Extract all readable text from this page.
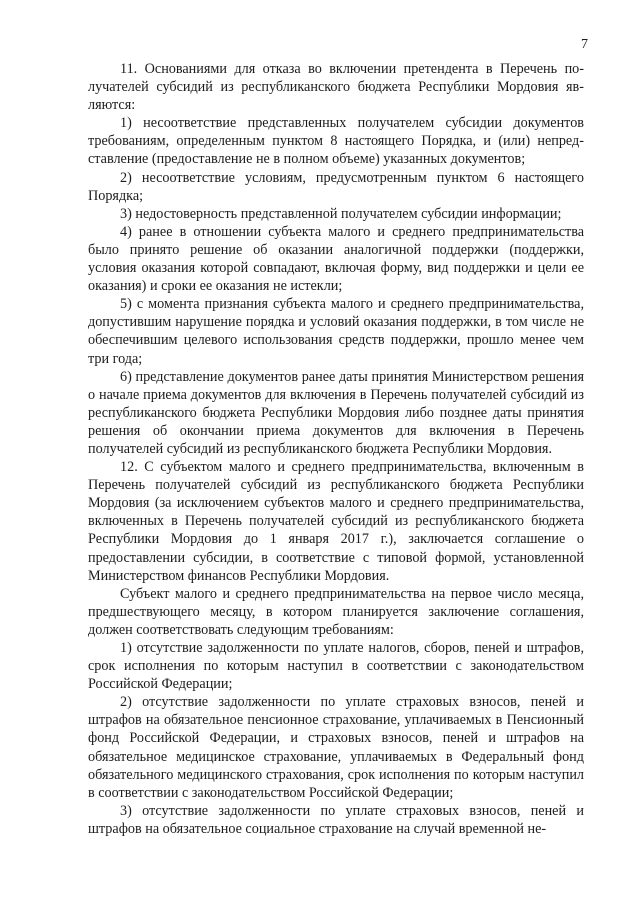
7

11. Основаниями для отказа во включении претендента в Перечень получателей субсидий из республиканского бюджета Республики Мордовия являются:

1) несоответствие представленных получателем субсидии документов требованиям, определенным пунктом 8 настоящего Порядка, и (или) непредставление (предоставление не в полном объеме) указанных документов;

2) несоответствие условиям, предусмотренным пунктом 6 настоящего Порядка;

3) недостоверность представленной получателем субсидии информации;

4) ранее в отношении субъекта малого и среднего предпринимательства было принято решение об оказании аналогичной поддержки (поддержки, условия оказания которой совпадают, включая форму, вид поддержки и цели ее оказания) и сроки ее оказания не истекли;

5) с момента признания субъекта малого и среднего предпринимательства, допустившим нарушение порядка и условий оказания поддержки, в том числе не обеспечившим целевого использования средств поддержки, прошло менее чем три года;

6) представление документов ранее даты принятия Министерством решения о начале приема документов для включения в Перечень получателей субсидий из республиканского бюджета Республики Мордовия либо позднее даты принятия решения об окончании приема документов для включения в Перечень получателей субсидий из республиканского бюджета Республики Мордовия.

12. С субъектом малого и среднего предпринимательства, включенным в Перечень получателей субсидий из республиканского бюджета Республики Мордовия (за исключением субъектов малого и среднего предпринимательства, включенных в Перечень получателей субсидий из республиканского бюджета Республики Мордовия до 1 января 2017 г.), заключается соглашение о предоставлении субсидии, в соответствие с типовой формой, установленной Министерством финансов Республики Мордовия.

Субъект малого и среднего предпринимательства на первое число месяца, предшествующего месяцу, в котором планируется заключение соглашения, должен соответствовать следующим требованиям:

1) отсутствие задолженности по уплате налогов, сборов, пеней и штрафов, срок исполнения по которым наступил в соответствии с законодательством Российской Федерации;

2) отсутствие задолженности по уплате страховых взносов, пеней и штрафов на обязательное пенсионное страхование, уплачиваемых в Пенсионный фонд Российской Федерации, и страховых взносов, пеней и штрафов на обязательное медицинское страхование, уплачиваемых в Федеральный фонд обязательного медицинского страхования, срок исполнения по которым наступил в соответствии с законодательством Российской Федерации;

3) отсутствие задолженности по уплате страховых взносов, пеней и штрафов на обязательное социальное страхование на случай временной не-
